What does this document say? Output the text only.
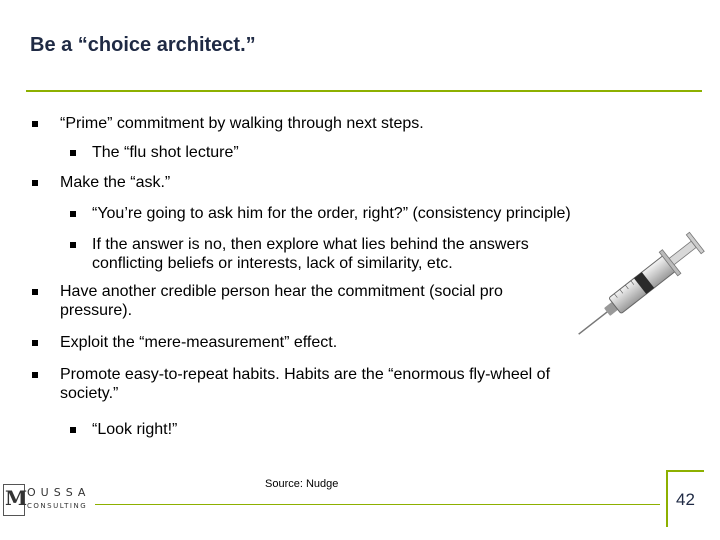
Be a “choice architect.”
“Prime” commitment by walking through next steps.
The “flu shot lecture”
Make the “ask.”
“You’re going to ask him for the order, right?” (consistency principle)
If the answer is no, then explore what lies behind the answers
conflicting beliefs or interests, lack of similarity, etc.
Have another credible person hear the commitment (social pro
pressure).
Exploit the “mere-measurement” effect.
Promote easy-to-repeat habits. Habits are the “enormous fly-wheel of
society.”
“Look right!”
Source: Nudge
42
M OUSSA
CONSULTING
